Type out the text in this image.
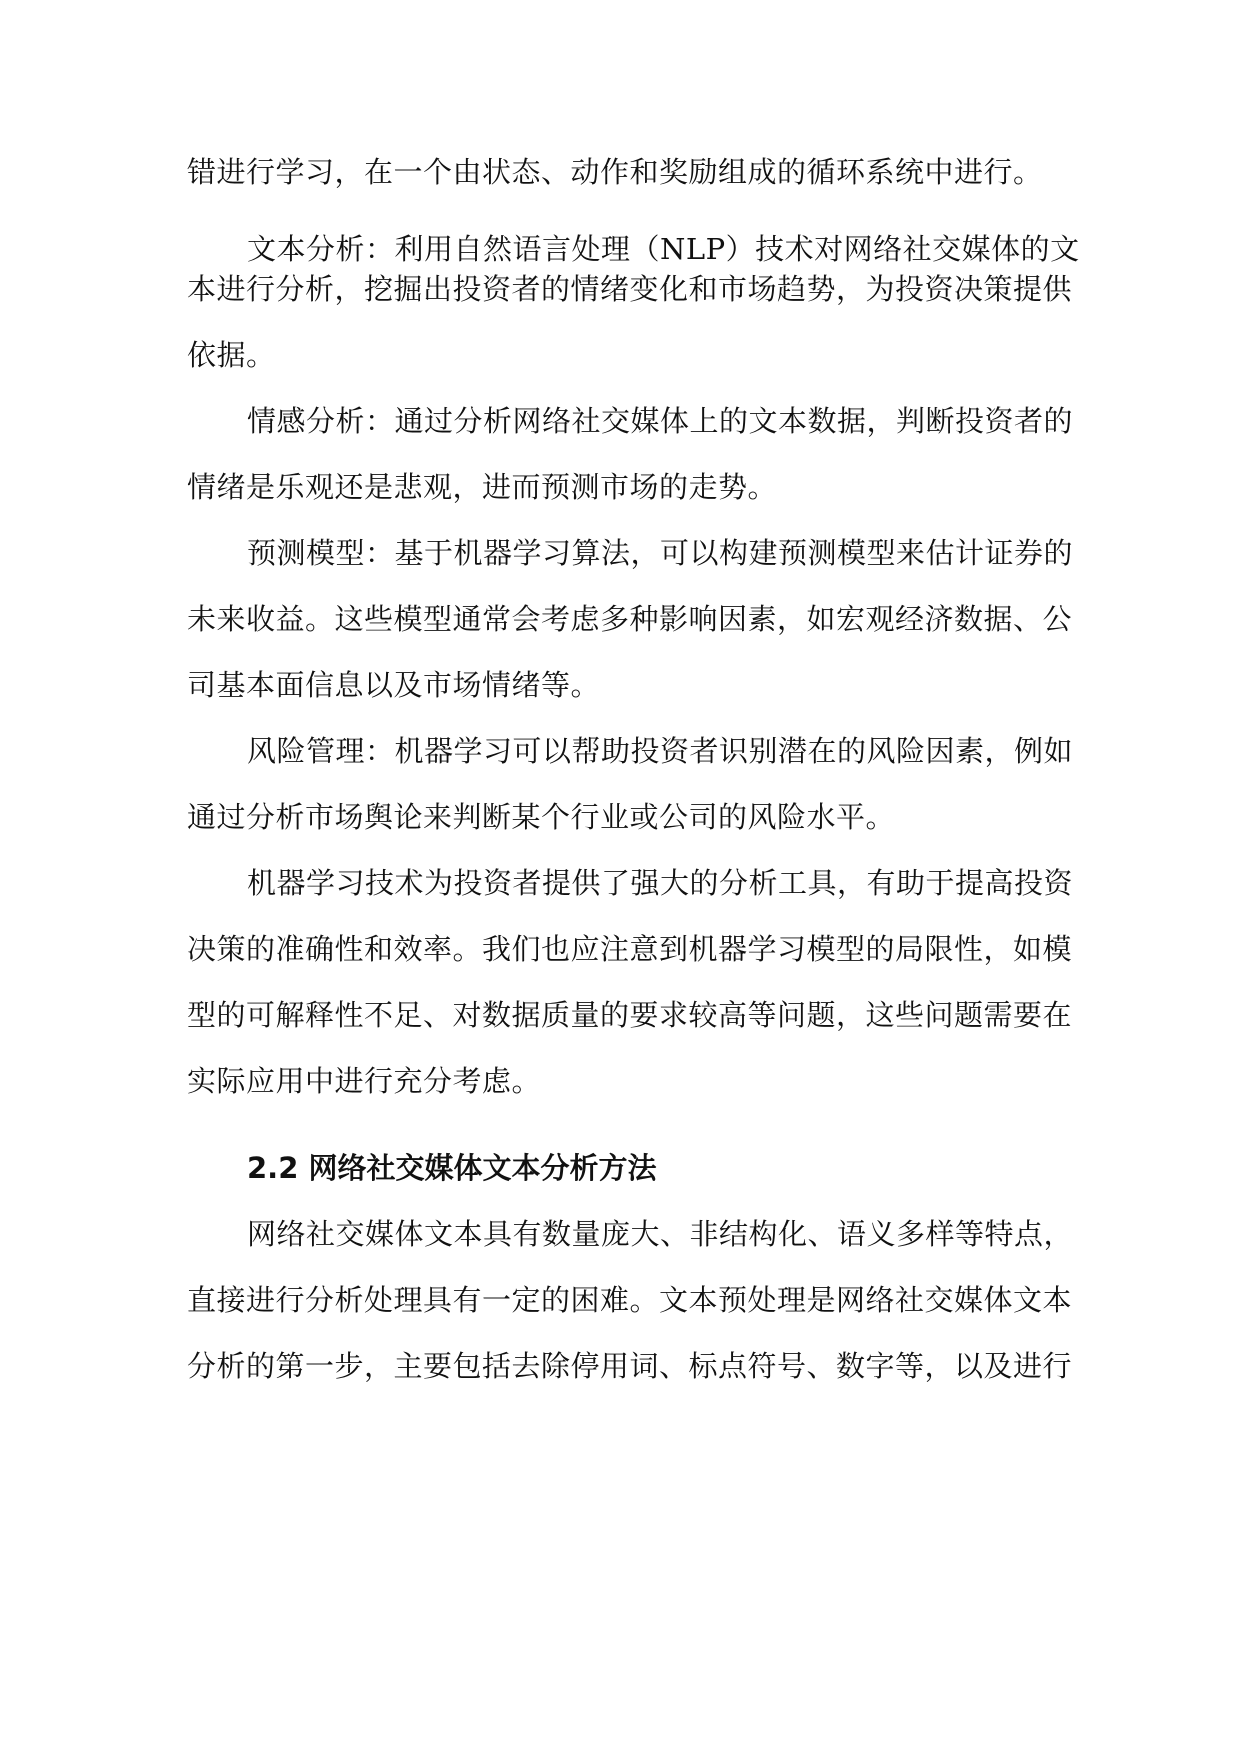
错进行学习，在一个由状态、动作和奖励组成的循环系统中进行。
文本分析：利用自然语言处理（NLP）技术对网络社交媒体的文
本进行分析，挖掘出投资者的情绪变化和市场趋势，为投资决策提供
依据。
情感分析：通过分析网络社交媒体上的文本数据，判断投资者的
情绪是乐观还是悲观，进而预测市场的走势。
预测模型：基于机器学习算法，可以构建预测模型来估计证券的
未来收益。这些模型通常会考虑多种影响因素，如宏观经济数据、公
司基本面信息以及市场情绪等。
风险管理：机器学习可以帮助投资者识别潜在的风险因素，例如
通过分析市场舆论来判断某个行业或公司的风险水平。
机器学习技术为投资者提供了强大的分析工具，有助于提高投资
决策的准确性和效率。我们也应注意到机器学习模型的局限性，如模
型的可解释性不足、对数据质量的要求较高等问题，这些问题需要在
实际应用中进行充分考虑。
2.2 网络社交媒体文本分析方法
网络社交媒体文本具有数量庞大、非结构化、语义多样等特点，
直接进行分析处理具有一定的困难。文本预处理是网络社交媒体文本
分析的第一步，主要包括去除停用词、标点符号、数字等，以及进行
